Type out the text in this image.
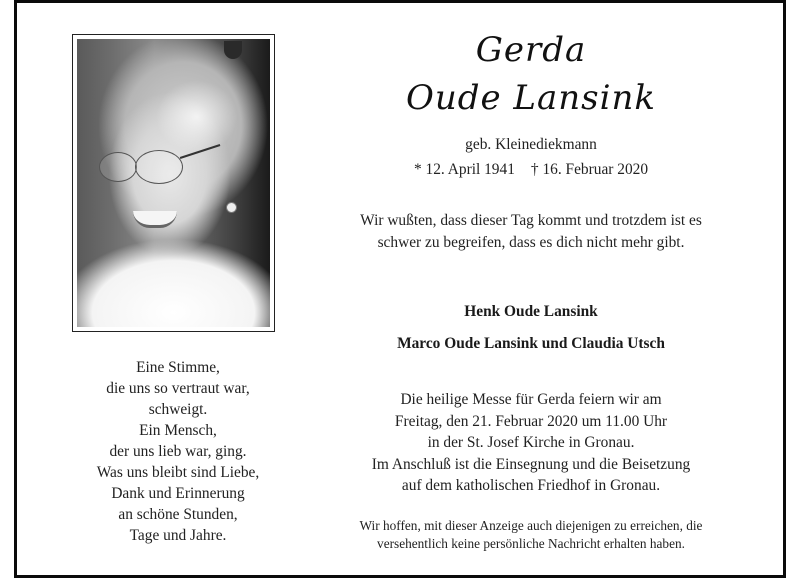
Eine Stimme,
die uns so vertraut war,
schweigt.
Ein Mensch,
der uns lieb war, ging.
Was uns bleibt sind Liebe,
Dank und Erinnerung
an schöne Stunden,
Tage und Jahre.
Gerda
Oude Lansink
geb. Kleinediekmann
* 12. April 1941 † 16. Februar 2020
Wir wußten, dass dieser Tag kommt und trotzdem ist es
schwer zu begreifen, dass es dich nicht mehr gibt.
Henk Oude Lansink
Marco Oude Lansink und Claudia Utsch
Die heilige Messe für Gerda feiern wir am
Freitag, den 21. Februar 2020 um 11.00 Uhr
in der St. Josef Kirche in Gronau.
Im Anschluß ist die Einsegnung und die Beisetzung
auf dem katholischen Friedhof in Gronau.
Wir hoffen, mit dieser Anzeige auch diejenigen zu erreichen, die
versehentlich keine persönliche Nachricht erhalten haben.
